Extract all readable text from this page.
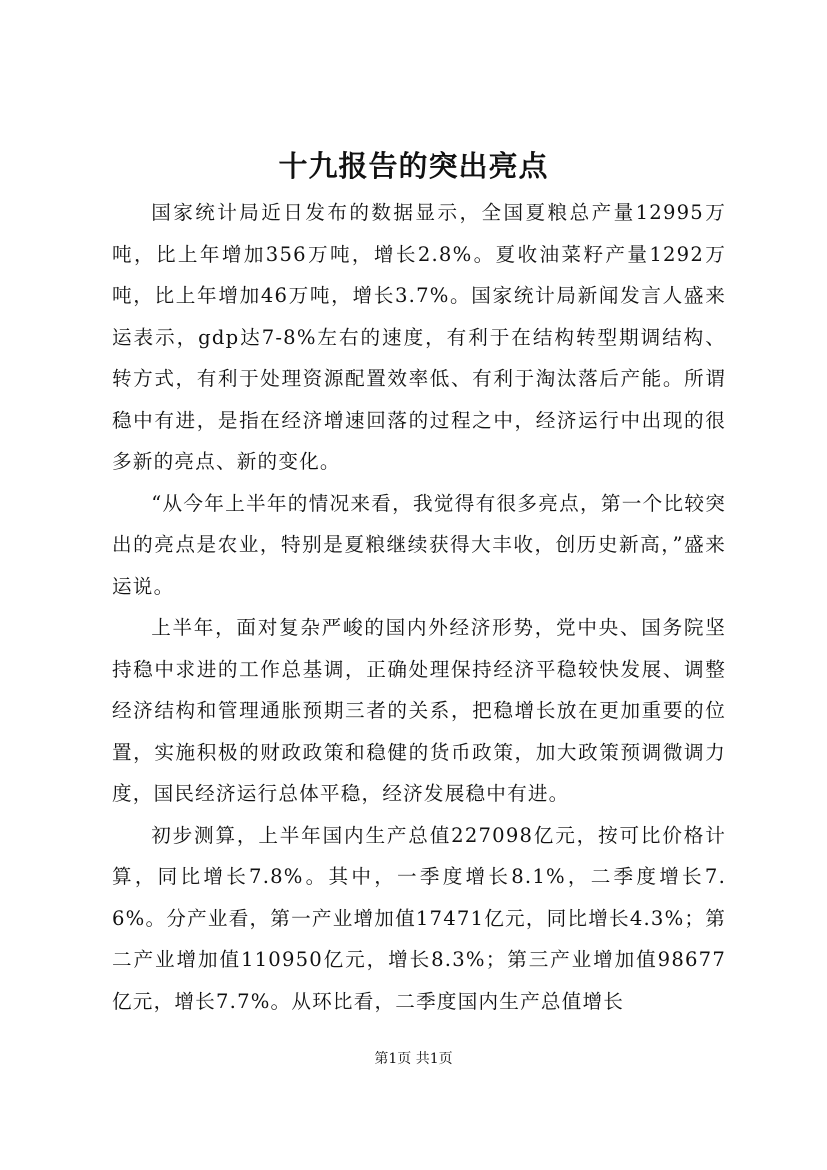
十九报告的突出亮点

国家统计局近日发布的数据显示，全国夏粮总产量12995万吨，比上年增加356万吨，增长2.8%。夏收油菜籽产量1292万吨，比上年增加46万吨，增长3.7%。国家统计局新闻发言人盛来运表示，gdp达7-8%左右的速度，有利于在结构转型期调结构、转方式，有利于处理资源配置效率低、有利于淘汰落后产能。所谓稳中有进，是指在经济增速回落的过程之中，经济运行中出现的很多新的亮点、新的变化。

“从今年上半年的情况来看，我觉得有很多亮点，第一个比较突出的亮点是农业，特别是夏粮继续获得大丰收，创历史新高，”盛来运说。

上半年，面对复杂严峻的国内外经济形势，党中央、国务院坚持稳中求进的工作总基调，正确处理保持经济平稳较快发展、调整经济结构和管理通胀预期三者的关系，把稳增长放在更加重要的位置，实施积极的财政政策和稳健的货币政策，加大政策预调微调力度，国民经济运行总体平稳，经济发展稳中有进。

初步测算，上半年国内生产总值227098亿元，按可比价格计算，同比增长7.8%。其中，一季度增长8.1%，二季度增长7.6%。分产业看，第一产业增加值17471亿元，同比增长4.3%；第二产业增加值110950亿元，增长8.3%；第三产业增加值98677亿元，增长7.7%。从环比看，二季度国内生产总值增长

第1页 共1页
